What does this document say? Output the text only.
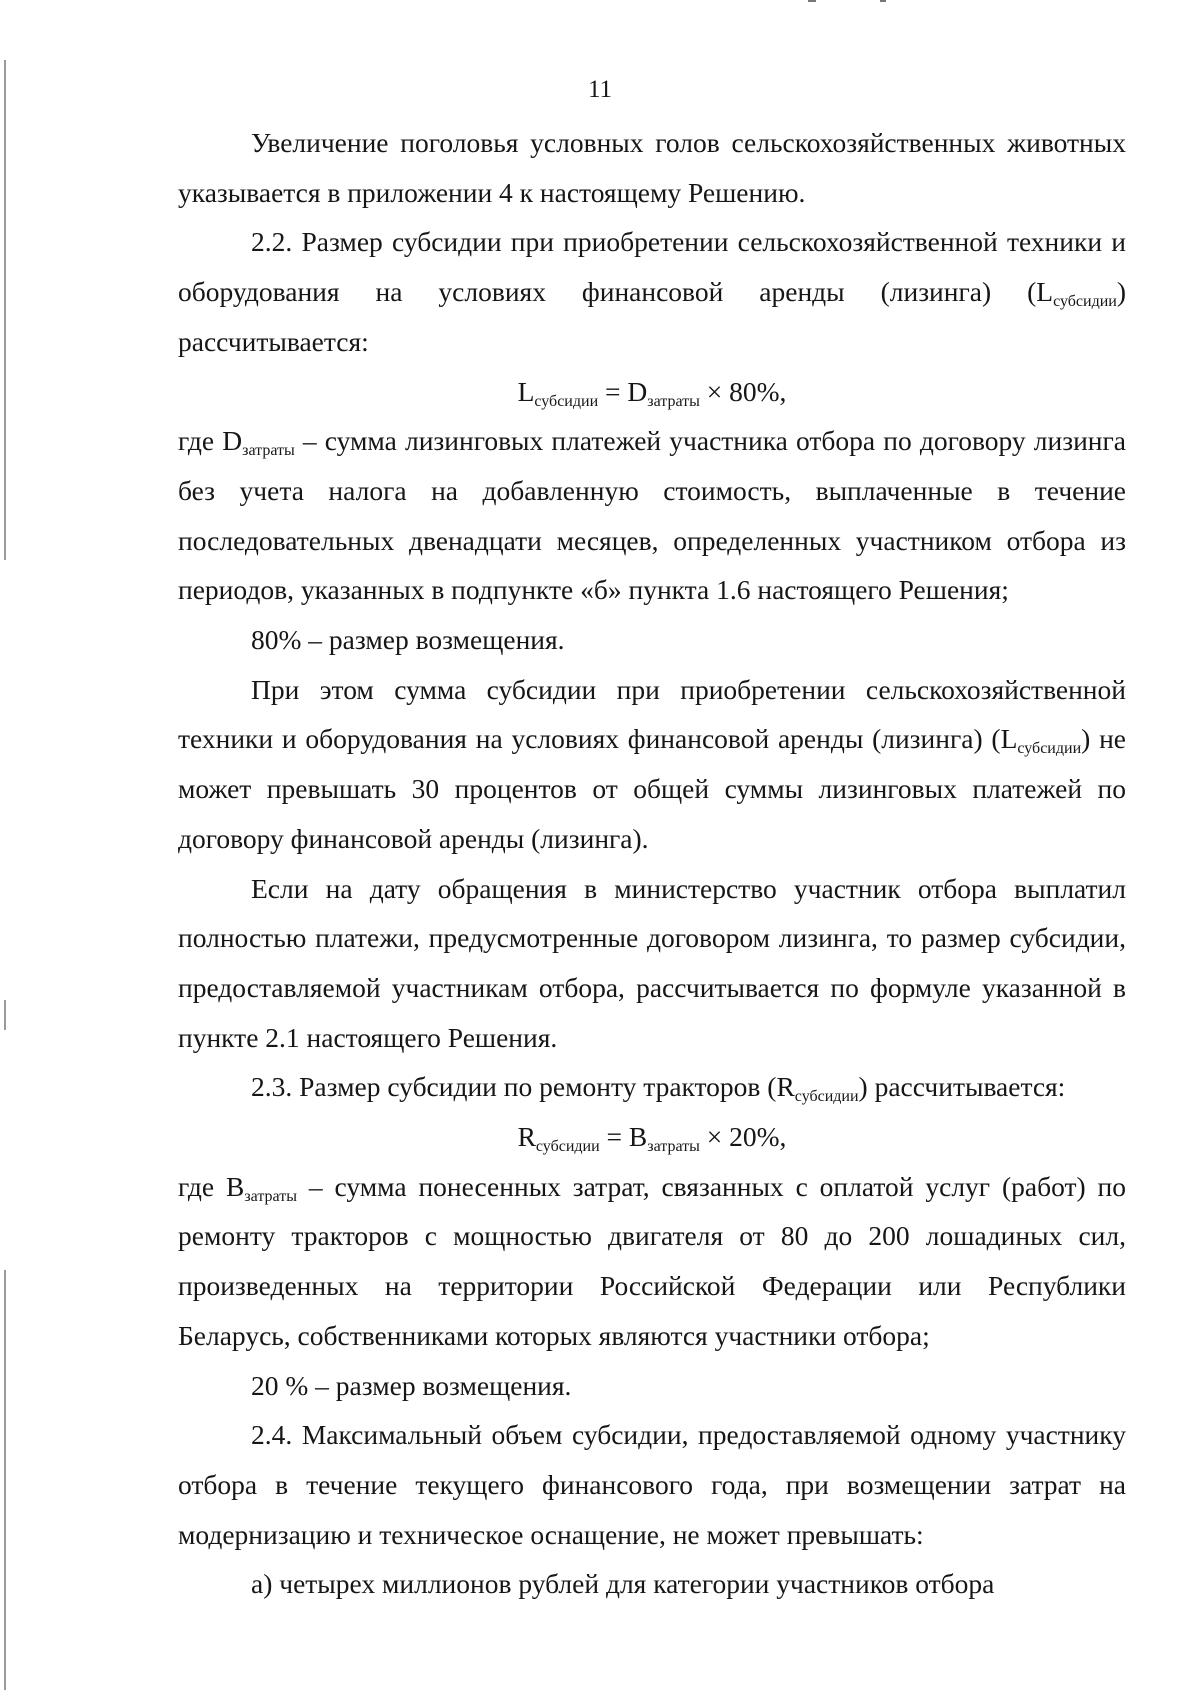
11

Увеличение поголовья условных голов сельскохозяйственных животных указывается в приложении 4 к настоящему Решению.

2.2. Размер субсидии при приобретении сельскохозяйственной техники и оборудования на условиях финансовой аренды (лизинга) $(L_{субсидии})$ рассчитывается:

$L_{субсидии} = D_{затраты} \times 80\%$,

где $D_{затраты}$ – сумма лизинговых платежей участника отбора по договору лизинга без учета налога на добавленную стоимость, выплаченные в течение последовательных двенадцати месяцев, определенных участником отбора из периодов, указанных в подпункте «б» пункта 1.6 настоящего Решения;

80% – размер возмещения.

При этом сумма субсидии при приобретении сельскохозяйственной техники и оборудования на условиях финансовой аренды (лизинга) $(L_{субсидии})$ не может превышать 30 процентов от общей суммы лизинговых платежей по договору финансовой аренды (лизинга).

Если на дату обращения в министерство участник отбора выплатил полностью платежи, предусмотренные договором лизинга, то размер субсидии, предоставляемой участникам отбора, рассчитывается по формуле указанной в пункте 2.1 настоящего Решения.

2.3. Размер субсидии по ремонту тракторов $(R_{субсидии})$ рассчитывается:

$R_{субсидии} = B_{затраты} \times 20\%$,

где $B_{затраты}$ – сумма понесенных затрат, связанных с оплатой услуг (работ) по ремонту тракторов с мощностью двигателя от 80 до 200 лошадиных сил, произведенных на территории Российской Федерации или Республики Беларусь, собственниками которых являются участники отбора;

20 % – размер возмещения.

2.4. Максимальный объем субсидии, предоставляемой одному участнику отбора в течение текущего финансового года, при возмещении затрат на модернизацию и техническое оснащение, не может превышать:

а) четырех миллионов рублей для категории участников отбора
